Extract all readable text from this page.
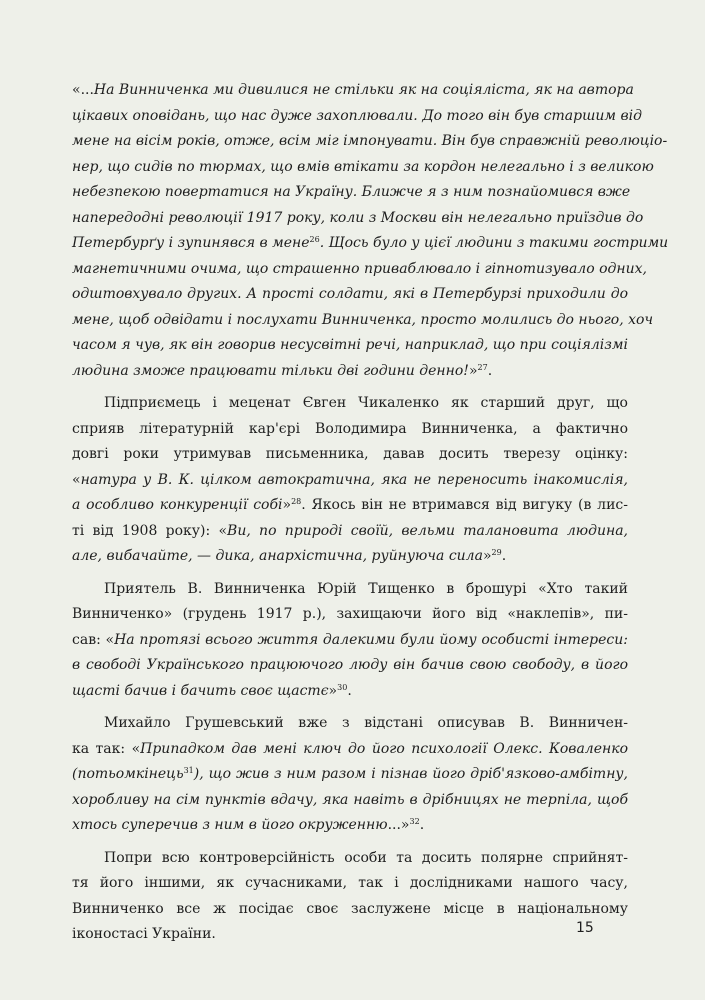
«...На Винниченка ми дивилися не стільки як на соціяліста, як на автора
цікавих оповідань, що нас дуже захоплювали. До того він був старшим від
мене на вісім років, отже, всім міг імпонувати. Він був справжній революціо-
нер, що сидів по тюрмах, що вмів втікати за кордон нелегально і з великою
небезпекою повертатися на Україну. Ближче я з ним познайомився вже
напередодні революції 1917 року, коли з Москви він нелегально приїздив до
Петербурґу і зупинявся в мене$^{26}$. Щось було у цієї людини з такими гострими
магнетичними очима, що страшенно приваблювало і гіпнотизувало одних,
одштовхувало других. А прості солдати, які в Петербурзі приходили до
мене, щоб одвідати і послухати Винниченка, просто молились до нього, хоч
часом я чув, як він говорив несусвітні речі, наприклад, що при соціялізмі
людина зможе працювати тільки дві години денно!»$^{27}$.
Підприємець і меценат Євген Чикаленко як старший друг, що
сприяв літературній кар'єрі Володимира Винниченка, а фактично
довгі роки утримував письменника, давав досить тверезу оцінку:
«натура у В. К. цілком автократична, яка не переносить інакомислія,
а особливо конкуренції собі»$^{28}$. Якось він не втримався від вигуку (в лис-
ті від 1908 року): «Ви, по природі своїй, вельми талановита людина,
але, вибачайте, — дика, анархістична, руйнуюча сила»$^{29}$.
Приятель В. Винниченка Юрій Тищенко в брошурі «Хто такий
Винниченко» (грудень 1917 р.), захищаючи його від «наклепів», пи-
сав: «На протязі всього життя далекими були йому особисті інтереси:
в свободі Українського працюючого люду він бачив свою свободу, в його
щасті бачив і бачить своє щастє»$^{30}$.
Михайло Грушевський вже з відстані описував В. Винничен-
ка так: «Припадком дав мені ключ до його психології Олекс. Коваленко
(потьомкінець$^{31}$), що жив з ним разом і пізнав його дріб'язково-амбітну,
хоробливу на сім пунктів вдачу, яка навіть в дрібницях не терпіла, щоб
хтось суперечив з ним в його окруженню...»$^{32}$.
Попри всю контроверсійність особи та досить полярне сприйнят-
тя його іншими, як сучасниками, так і дослідниками нашого часу,
Винниченко все ж посідає своє заслужене місце в національному
іконостасі України.	15
